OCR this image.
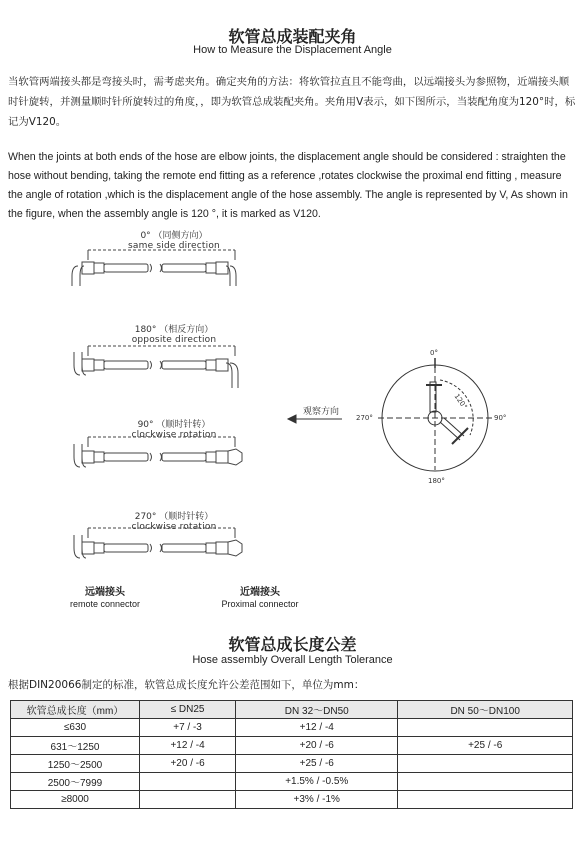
软管总成装配夹角
How to Measure the Displacement Angle
当软管两端接头都是弯接头时，需考虑夹角。确定夹角的方法：将软管拉直且不能弯曲，以远端接头为参照物，近端接头顺时针旋转，并测量顺时针所旋转过的角度，，即为软管总成装配夹角。夹角用V表示，如下图所示，当装配角度为120°时，标记为V120。
When the joints at both ends of the hose are elbow joints, the displacement angle should be considered : straighten the hose without bending, taking the remote end fitting as a reference ,rotates clockwise the proximal end fitting , measure the angle of rotation ,which is the displacement angle of the hose assembly. The angle is represented by V, As shown in the figure, when the assembly angle is 120 °, it is marked as V120.
0° （同侧方向）
same side direction
180° （相反方向）
opposite direction
90° （顺时针转）
clockwise rotation
270° （顺时针转）
clockwise rotation
远端接头
remote connector
近端接头
Proximal connector
观察方向
0°
90°
180°
270°
120°
软管总成长度公差
Hose assembly Overall Length Tolerance
根据DIN20066制定的标准，软管总成长度允许公差范围如下，单位为mm：
软管总成长度（mm）	≤ DN25	DN 32～DN50	DN 50～DN100
≤630	+7 / -3	+12 / -4	
631～1250	+12 / -4	+20 / -6	+25 / -6
1250～2500	+20 / -6	+25 / -6	
2500～7999		+1.5% / -0.5%	
≥8000		+3% / -1%	
